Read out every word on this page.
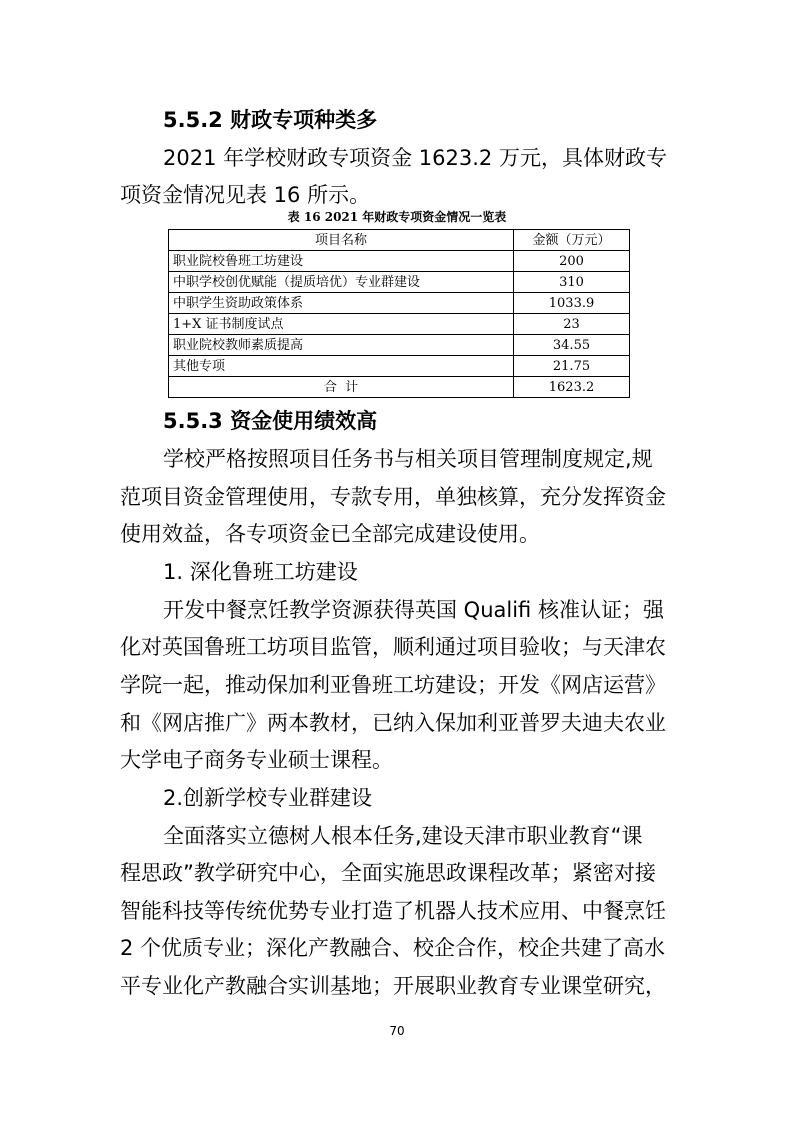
5.5.2 财政专项种类多

2021 年学校财政专项资金 1623.2 万元，具体财政专

项资金情况见表 16 所示。

表 16 2021 年财政专项资金情况一览表

项目名称	金额（万元）
职业院校鲁班工坊建设	200
中职学校创优赋能（提质培优）专业群建设	310
中职学生资助政策体系	1033.9
1+X 证书制度试点	23
职业院校教师素质提高	34.55
其他专项	21.75
合  计	1623.2
5.5.3 资金使用绩效高

学校严格按照项目任务书与相关项目管理制度规定,规

范项目资金管理使用，专款专用，单独核算，充分发挥资金

使用效益，各专项资金已全部完成建设使用。

1. 深化鲁班工坊建设

开发中餐烹饪教学资源获得英国 Qualifi 核准认证；强

化对英国鲁班工坊项目监管，顺利通过项目验收；与天津农

学院一起，推动保加利亚鲁班工坊建设；开发《网店运营》

和《网店推广》两本教材，已纳入保加利亚普罗夫迪夫农业

大学电子商务专业硕士课程。

2.创新学校专业群建设

全面落实立德树人根本任务,建设天津市职业教育“课

程思政”教学研究中心，全面实施思政课程改革；紧密对接

智能科技等传统优势专业打造了机器人技术应用、中餐烹饪

2 个优质专业；深化产教融合、校企合作，校企共建了高水

平专业化产教融合实训基地；开展职业教育专业课堂研究，

70
